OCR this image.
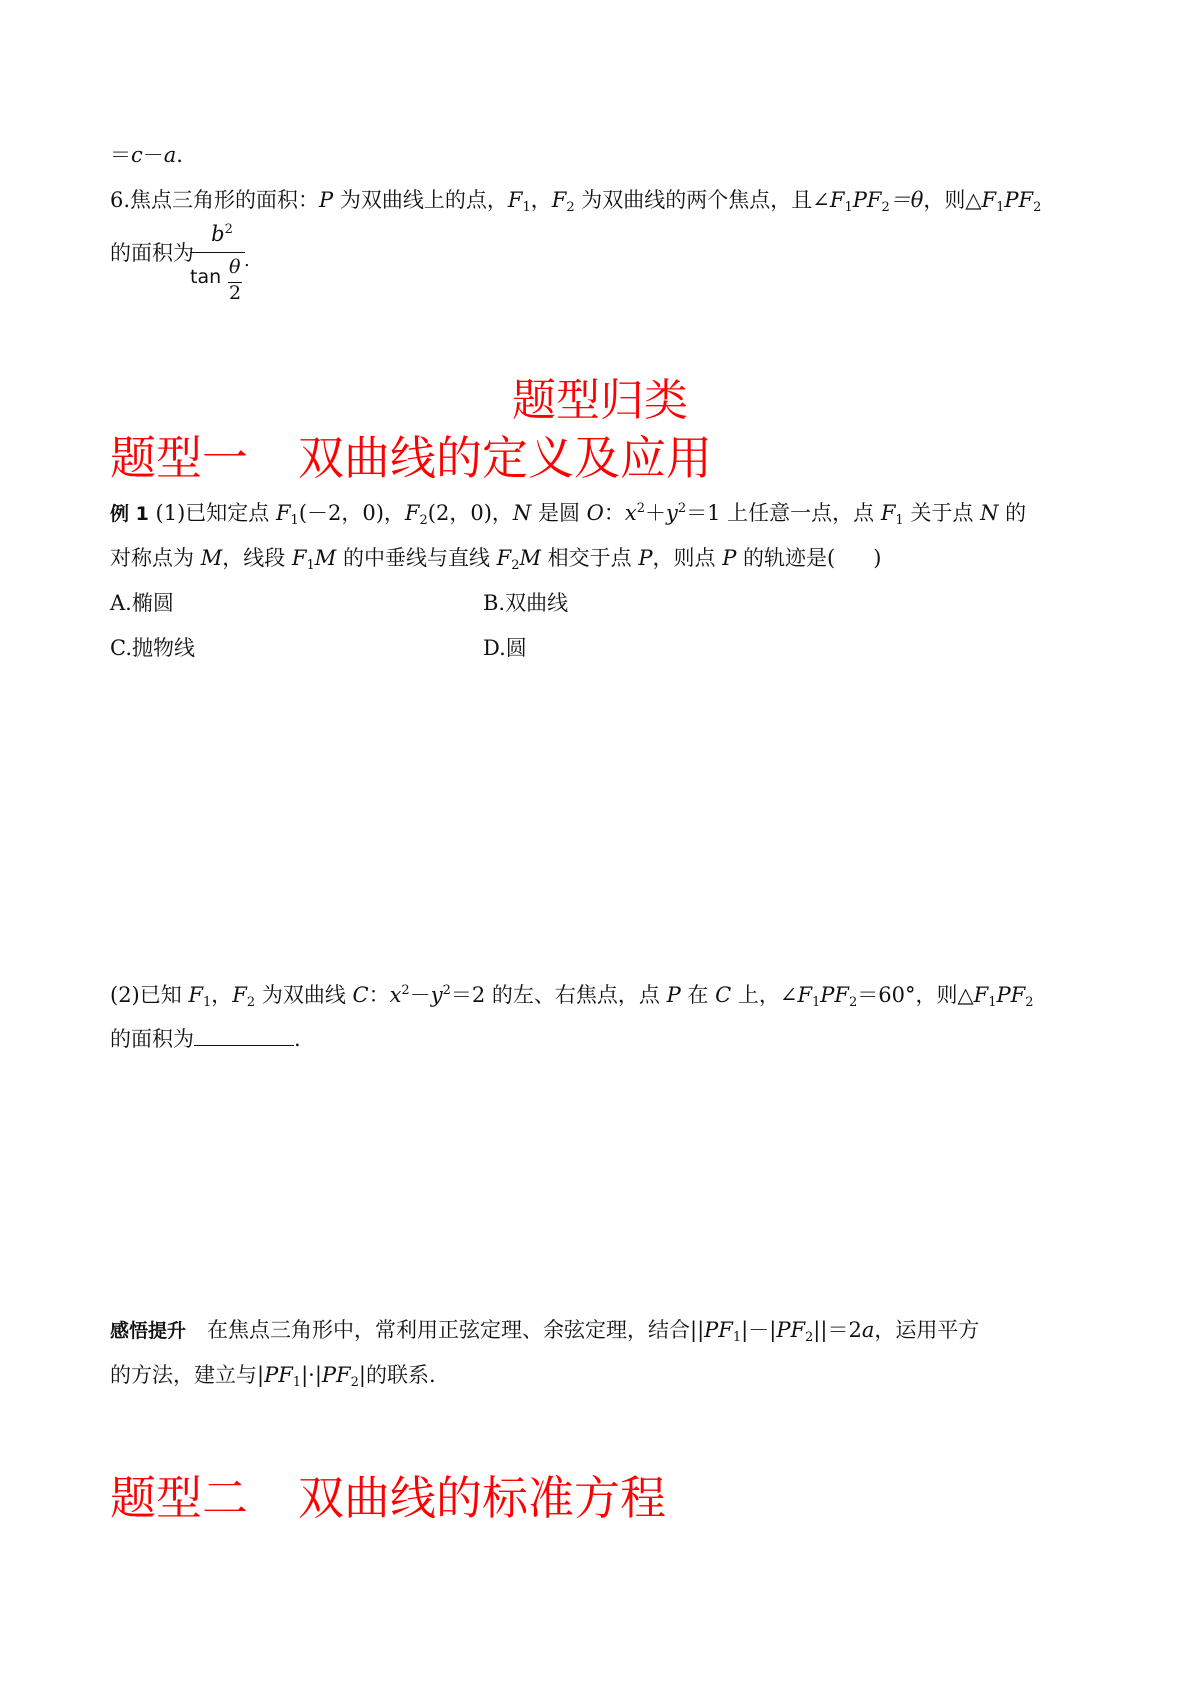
＝c－a.
6.焦点三角形的面积：P 为双曲线上的点，$F_1$，$F_2$ 为双曲线的两个焦点，且$\angle F_1PF_2=\theta$，则$\triangle F_1PF_2$
的面积为
$b^2$
tan θ
2
.
题型归类
题型一 双曲线的定义及应用
例 1 (1)已知定点 $F_1(-2$，0)，$F_2(2$，0)，N 是圆 O：$x^2+y^2=1$ 上任意一点，点 $F_1$ 关于点 N 的
对称点为 M，线段 $F_1M$ 的中垂线与直线 $F_2M$ 相交于点 P，则点 P 的轨迹是( )
A.椭圆	B.双曲线
C.抛物线	D.圆
(2)已知 $F_1$，$F_2$ 为双曲线 C：$x^2-y^2=2$ 的左、右焦点，点 P 在 C 上，$\angle F_1PF_2=60^\circ$，则$\triangle F_1PF_2$
的面积为	.
感悟提升　在焦点三角形中，常利用正弦定理、余弦定理，结合$||PF_1|-|PF_2||=2a$，运用平方
的方法，建立与$|PF_1|\cdot|PF_2|$的联系.
题型二 双曲线的标准方程
